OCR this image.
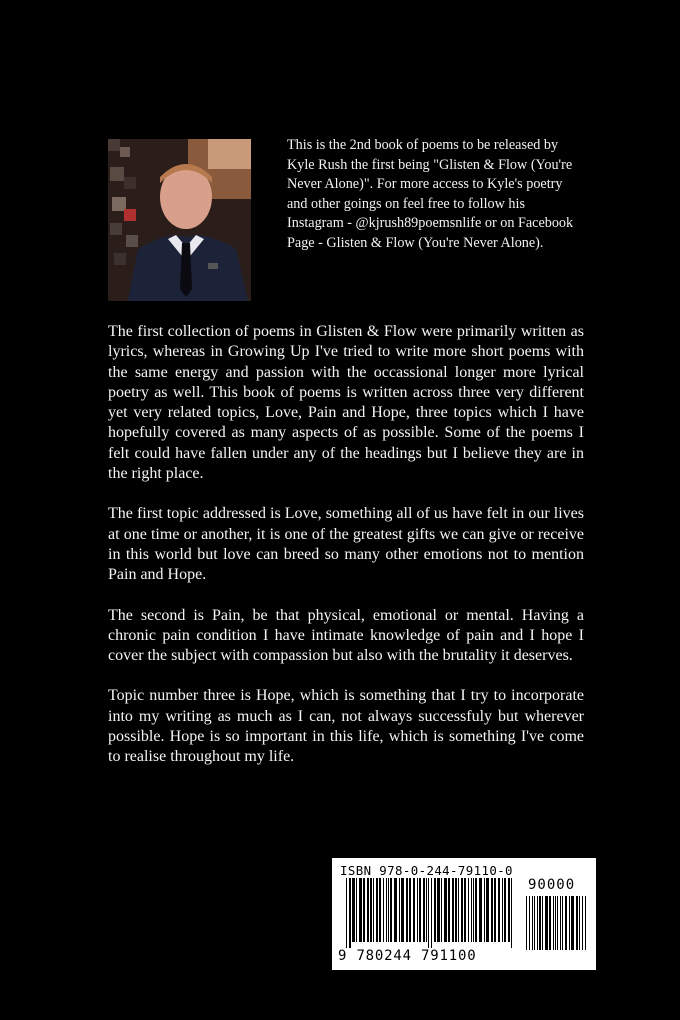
This is the 2nd book of poems to be released by Kyle Rush the first being "Glisten & Flow (You're Never Alone)". For more access to Kyle's poetry and other goings on feel free to follow his Instagram - @kjrush89poemsnlife or on Facebook Page - Glisten & Flow (You're Never Alone).

The first collection of poems in Glisten & Flow were primarily written as lyrics, whereas in Growing Up I've tried to write more short poems with the same energy and passion with the occassional longer more lyrical poetry as well. This book of poems is written across three very different yet very related topics, Love, Pain and Hope, three topics which I have hopefully covered as many aspects of as possible. Some of the poems I felt could have fallen under any of the headings but I believe they are in the right place.

The first topic addressed is Love, something all of us have felt in our lives at one time or another, it is one of the greatest gifts we can give or receive in this world but love can breed so many other emotions not to mention Pain and Hope.

The second is Pain, be that physical, emotional or mental. Having a chronic pain condition I have intimate knowledge of pain and I hope I cover the subject with compassion but also with the brutality it deserves.

Topic number three is Hope, which is something that I try to incorporate into my writing as much as I can, not always successfuly but wherever possible. Hope is so important in this life, which is something I've come to realise throughout my life.

ISBN 978-0-244-79110-0
90000
9 780244 791100
